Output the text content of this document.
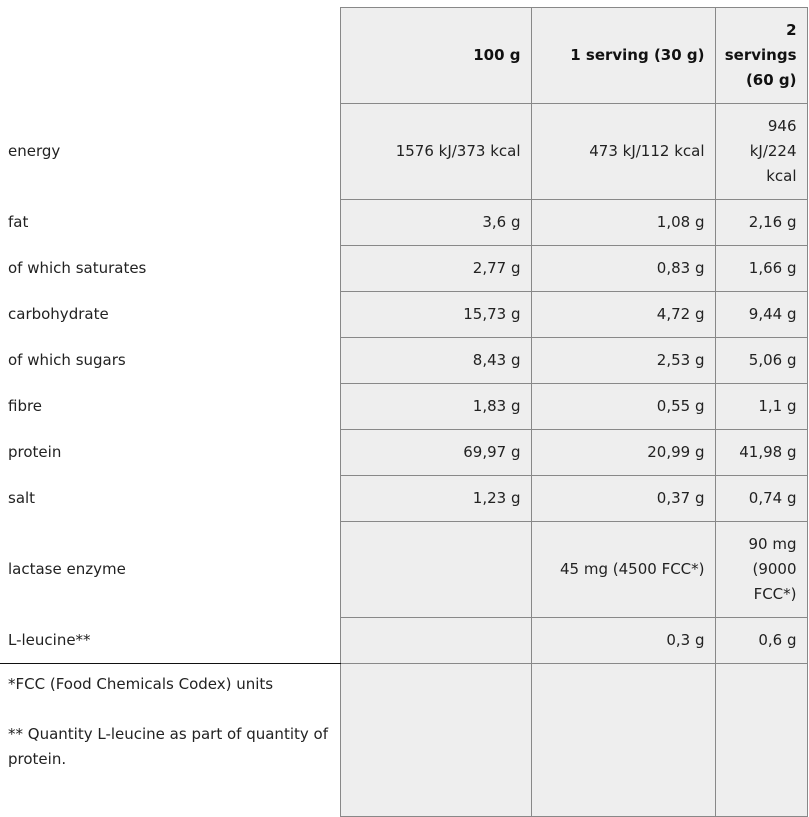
	100 g	1 serving (30 g)	2 servings (60 g)
energy	1576 kJ/373 kcal	473 kJ/112 kcal	946 kJ/224 kcal
fat	3,6 g	1,08 g	2,16 g
of which saturates	2,77 g	0,83 g	1,66 g
carbohydrate	15,73 g	4,72 g	9,44 g
of which sugars	8,43 g	2,53 g	5,06 g
fibre	1,83 g	0,55 g	1,1 g
protein	69,97 g	20,99 g	41,98 g
salt	1,23 g	0,37 g	0,74 g
lactase enzyme		45 mg (4500 FCC*)	90 mg (9000 FCC*)
L-leucine**		0,3 g	0,6 g

*FCC (Food Chemicals Codex) units
** Quantity L-leucine as part of quantity of protein.			
